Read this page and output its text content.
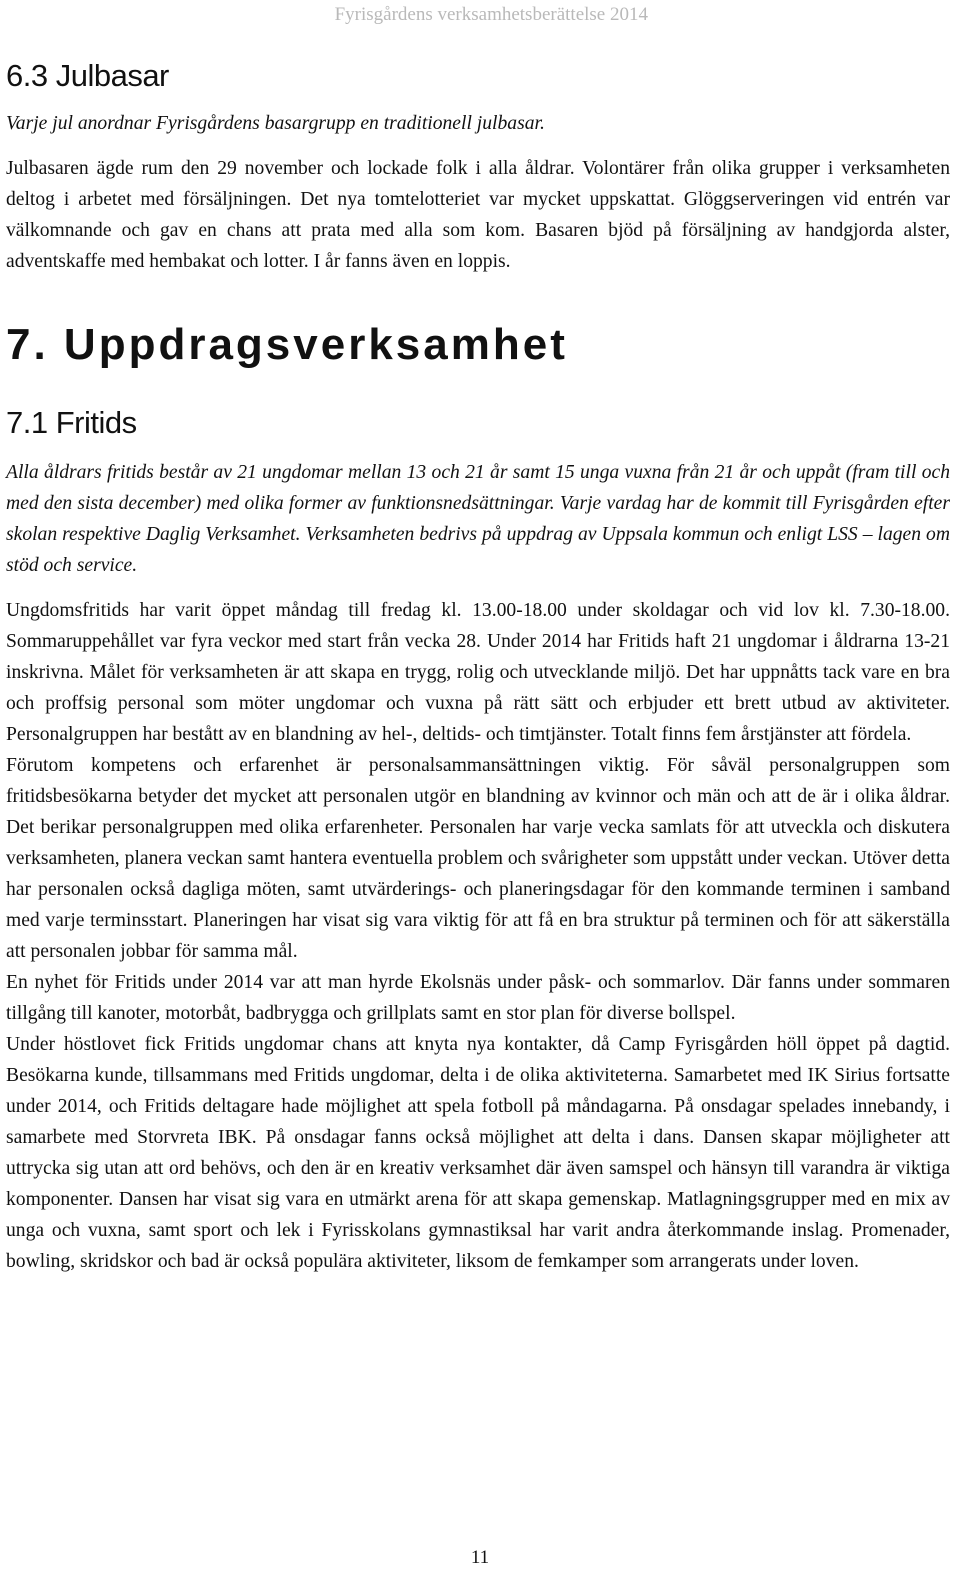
Fyrisgårdens verksamhetsberättelse 2014
6.3 Julbasar

Varje jul anordnar Fyrisgårdens basargrupp en traditionell julbasar.

Julbasaren ägde rum den 29 november och lockade folk i alla åldrar. Volontärer från olika grupper i verksamheten deltog i arbetet med försäljningen. Det nya tomtelotteriet var mycket uppskattat. Glöggserveringen vid entrén var välkomnande och gav en chans att prata med alla som kom. Basaren bjöd på försäljning av handgjorda alster, adventskaffe med hembakat och lotter. I år fanns även en loppis.

7. Uppdragsverksamhet
7.1 Fritids

Alla åldrars fritids består av 21 ungdomar mellan 13 och 21 år samt 15 unga vuxna från 21 år och uppåt (fram till och med den sista december) med olika former av funktionsnedsättningar. Varje vardag har de kommit till Fyrisgården efter skolan respektive Daglig Verksamhet. Verksamheten bedrivs på uppdrag av Uppsala kommun och enligt LSS – lagen om stöd och service.

Ungdomsfritids har varit öppet måndag till fredag kl. 13.00-18.00 under skoldagar och vid lov kl. 7.30-18.00. Sommaruppehållet var fyra veckor med start från vecka 28. Under 2014 har Fritids haft 21 ungdomar i åldrarna 13-21 inskrivna. Målet för verksamheten är att skapa en trygg, rolig och utvecklande miljö. Det har uppnåtts tack vare en bra och proffsig personal som möter ungdomar och vuxna på rätt sätt och erbjuder ett brett utbud av aktiviteter. Personalgruppen har bestått av en blandning av hel-, deltids- och timtjänster. Totalt finns fem årstjänster att fördela.

Förutom kompetens och erfarenhet är personalsammansättningen viktig. För såväl personalgruppen som fritidsbesökarna betyder det mycket att personalen utgör en blandning av kvinnor och män och att de är i olika åldrar. Det berikar personalgruppen med olika erfarenheter. Personalen har varje vecka samlats för att utveckla och diskutera verksamheten, planera veckan samt hantera eventuella problem och svårigheter som uppstått under veckan. Utöver detta har personalen också dagliga möten, samt utvärderings- och planeringsdagar för den kommande terminen i samband med varje terminsstart. Planeringen har visat sig vara viktig för att få en bra struktur på terminen och för att säkerställa att personalen jobbar för samma mål.

En nyhet för Fritids under 2014 var att man hyrde Ekolsnäs under påsk- och sommarlov. Där fanns under sommaren tillgång till kanoter, motorbåt, badbrygga och grillplats samt en stor plan för diverse bollspel.

Under höstlovet fick Fritids ungdomar chans att knyta nya kontakter, då Camp Fyrisgården höll öppet på dagtid. Besökarna kunde, tillsammans med Fritids ungdomar, delta i de olika aktiviteterna. Samarbetet med IK Sirius fortsatte under 2014, och Fritids deltagare hade möjlighet att spela fotboll på måndagarna. På onsdagar spelades innebandy, i samarbete med Storvreta IBK. På onsdagar fanns också möjlighet att delta i dans. Dansen skapar möjligheter att uttrycka sig utan att ord behövs, och den är en kreativ verksamhet där även samspel och hänsyn till varandra är viktiga komponenter. Dansen har visat sig vara en utmärkt arena för att skapa gemenskap. Matlagningsgrupper med en mix av unga och vuxna, samt sport och lek i Fyrisskolans gymnastiksal har varit andra återkommande inslag. Promenader, bowling, skridskor och bad är också populära aktiviteter, liksom de femkamper som arrangerats under loven.

11
